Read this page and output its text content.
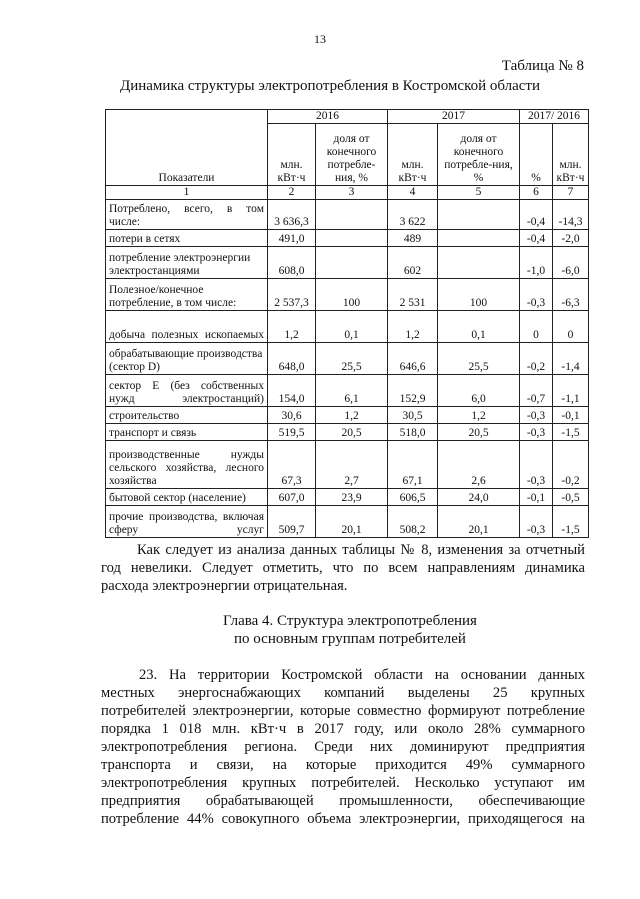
13
Таблица № 8
Динамика структуры электропотребления в Костромской области
Показатели	2016		2017		2017/ 2016	
	млн. кВт·ч	доля от конечного потребле-ния, %	млн. кВт·ч	доля от конечного потребле-ния, %	%	млн. кВт·ч
1	2	3	4	5	6	7
Потреблено, всего, в том числе:	3 636,3		3 622		-0,4	-14,3
потери в сетях	491,0		489		-0,4	-2,0
потребление электроэнергии электростанциями	608,0		602		-1,0	-6,0
Полезное/конечное потребление, в том числе:	2 537,3	100	2 531	100	-0,3	-6,3
добыча полезных ископаемых	1,2	0,1	1,2	0,1	0	0
обрабатывающие производства (сектор D)	648,0	25,5	646,6	25,5	-0,2	-1,4
сектор E (без собственных нужд электростанций)	154,0	6,1	152,9	6,0	-0,7	-1,1
строительство	30,6	1,2	30,5	1,2	-0,3	-0,1
транспорт и связь	519,5	20,5	518,0	20,5	-0,3	-1,5
производственные нужды сельского хозяйства, лесного хозяйства	67,3	2,7	67,1	2,6	-0,3	-0,2
бытовой сектор (население)	607,0	23,9	606,5	24,0	-0,1	-0,5
прочие производства, включая сферу услуг	509,7	20,1	508,2	20,1	-0,3	-1,5
Как следует из анализа данных таблицы № 8, изменения за отчетный
год невелики. Следует отметить, что по всем направлениям динамика
расхода электроэнергии отрицательная.
Глава 4. Структура электропотребления
по основным группам потребителей
23. На территории Костромской области на основании данных
местных энергоснабжающих компаний выделены 25 крупных
потребителей электроэнергии, которые совместно формируют потребление
порядка 1 018 млн. кВт·ч в 2017 году, или около 28% суммарного
электропотребления региона. Среди них доминируют предприятия
транспорта и связи, на которые приходится 49% суммарного
электропотребления крупных потребителей. Несколько уступают им
предприятия обрабатывающей промышленности, обеспечивающие
потребление 44% совокупного объема электроэнергии, приходящегося на
